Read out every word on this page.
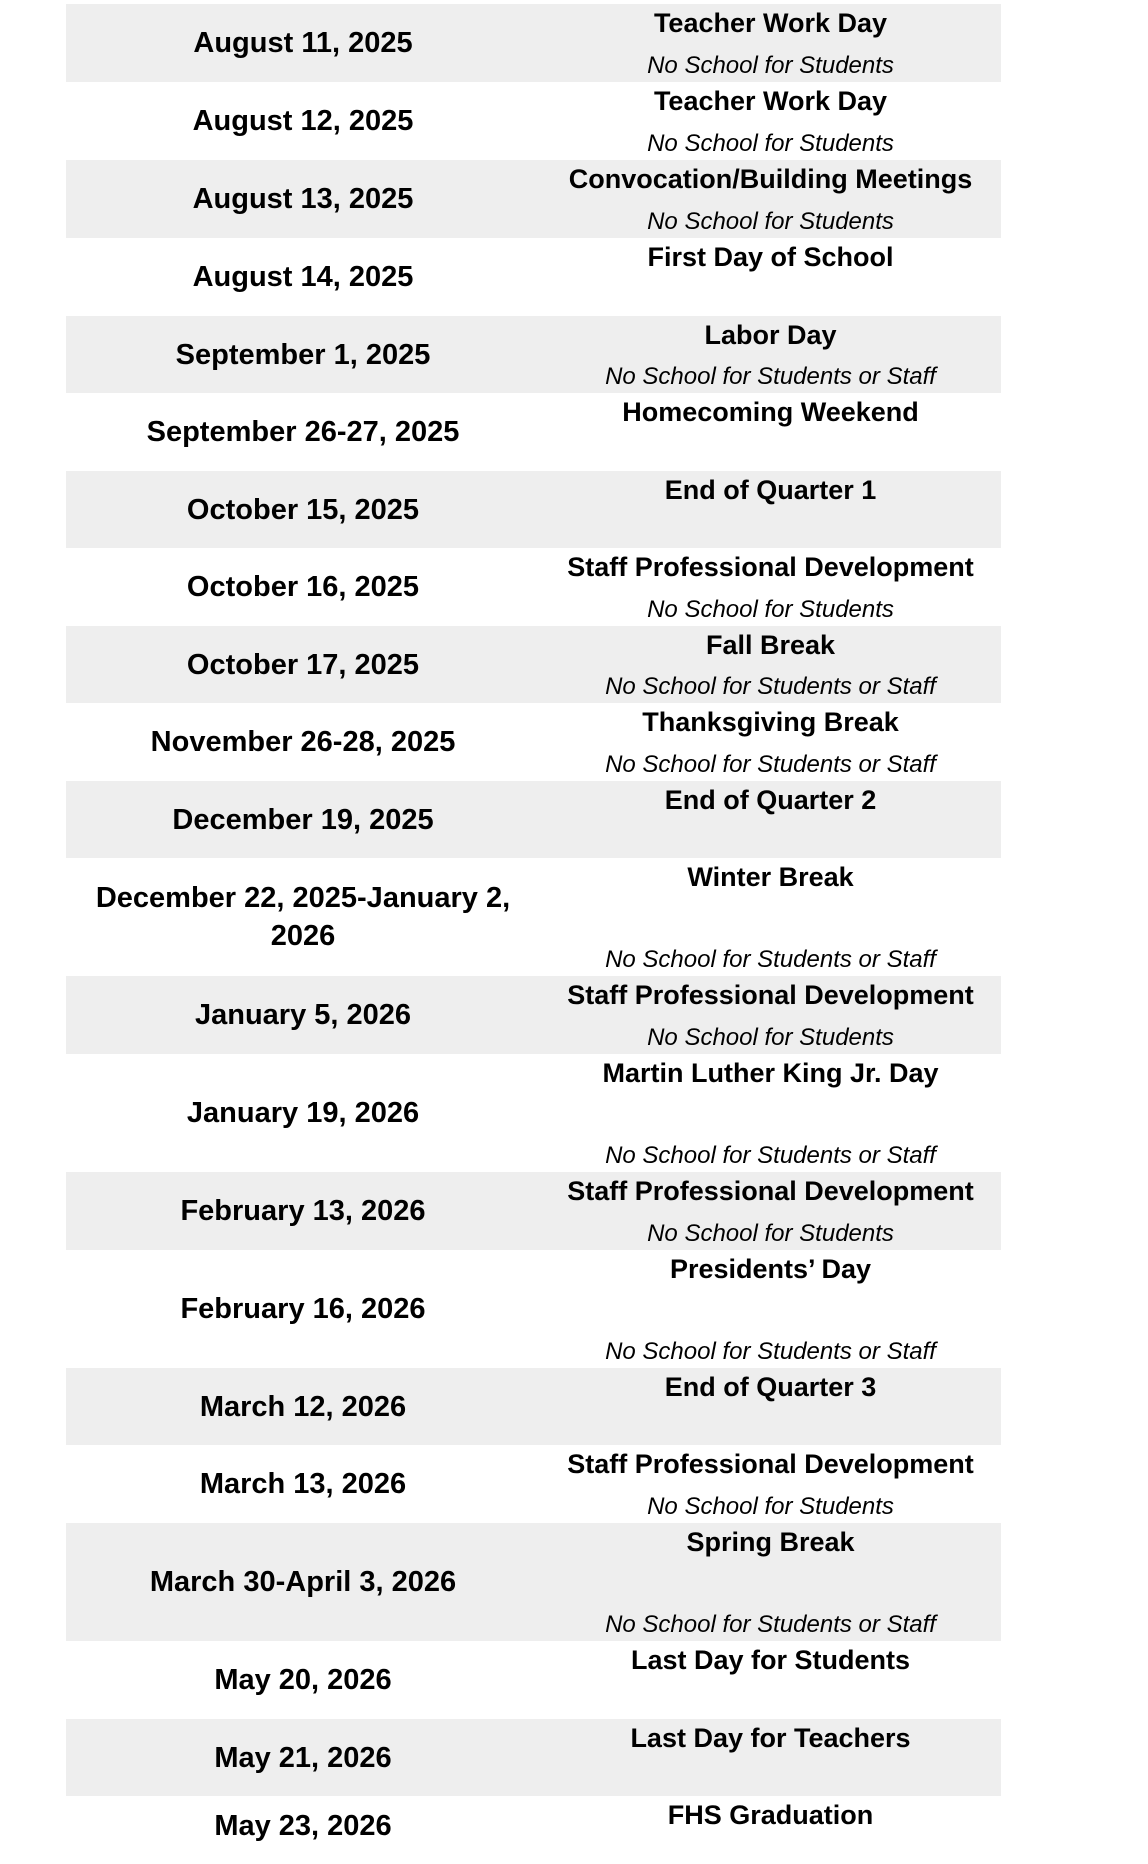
August 11, 2025
Teacher Work Day
No School for Students
August 12, 2025
Teacher Work Day
No School for Students
August 13, 2025
Convocation/Building Meetings
No School for Students
August 14, 2025
First Day of School
September 1, 2025
Labor Day
No School for Students or Staff
September 26-27, 2025
Homecoming Weekend
October 15, 2025
End of Quarter 1
October 16, 2025
Staff Professional Development
No School for Students
October 17, 2025
Fall Break
No School for Students or Staff
November 26-28, 2025
Thanksgiving Break
No School for Students or Staff
December 19, 2025
End of Quarter 2
December 22, 2025-January 2, 2026
Winter Break
No School for Students or Staff
January 5, 2026
Staff Professional Development
No School for Students
January 19, 2026
Martin Luther King Jr. Day
No School for Students or Staff
February 13, 2026
Staff Professional Development
No School for Students
February 16, 2026
Presidents’ Day
No School for Students or Staff
March 12, 2026
End of Quarter 3
March 13, 2026
Staff Professional Development
No School for Students
March 30-April 3, 2026
Spring Break
No School for Students or Staff
May 20, 2026
Last Day for Students
May 21, 2026
Last Day for Teachers
May 23, 2026	FHS Graduation
